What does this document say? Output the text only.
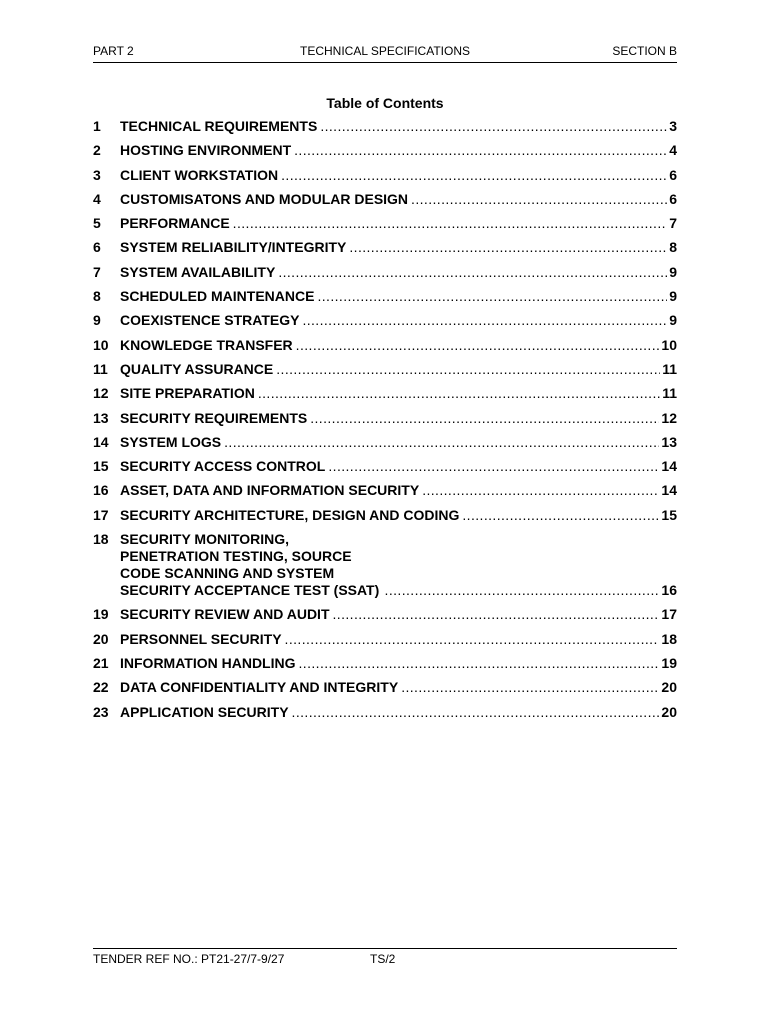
PART 2	TECHNICAL SPECIFICATIONS	SECTION B
Table of Contents
1	TECHNICAL REQUIREMENTS .....	3
2	HOSTING ENVIRONMENT .....	4
3	CLIENT WORKSTATION .....	6
4	CUSTOMISATONS AND MODULAR DESIGN .....	6
5	PERFORMANCE .....	7
6	SYSTEM RELIABILITY/INTEGRITY .....	8
7	SYSTEM AVAILABILITY .....	9
8	SCHEDULED MAINTENANCE .....	9
9	COEXISTENCE STRATEGY .....	9
10 KNOWLEDGE TRANSFER .....	10
11 QUALITY ASSURANCE .....	11
12 SITE PREPARATION .....	11
13 SECURITY REQUIREMENTS .....	12
14 SYSTEM LOGS .....	13
15 SECURITY ACCESS CONTROL .....	14
16 ASSET, DATA AND INFORMATION SECURITY .....	14
17 SECURITY ARCHITECTURE, DESIGN AND CODING .....	15
18 SECURITY MONITORING, PENETRATION TESTING, SOURCE CODE SCANNING AND SYSTEM SECURITY ACCEPTANCE TEST (SSAT) .....	16
19 SECURITY REVIEW AND AUDIT .....	17
20 PERSONNEL SECURITY .....	18
21 INFORMATION HANDLING .....	19
22 DATA CONFIDENTIALITY AND INTEGRITY .....	20
23 APPLICATION SECURITY .....	20
TENDER REF NO.: PT21-27/7-9/27	TS/2
